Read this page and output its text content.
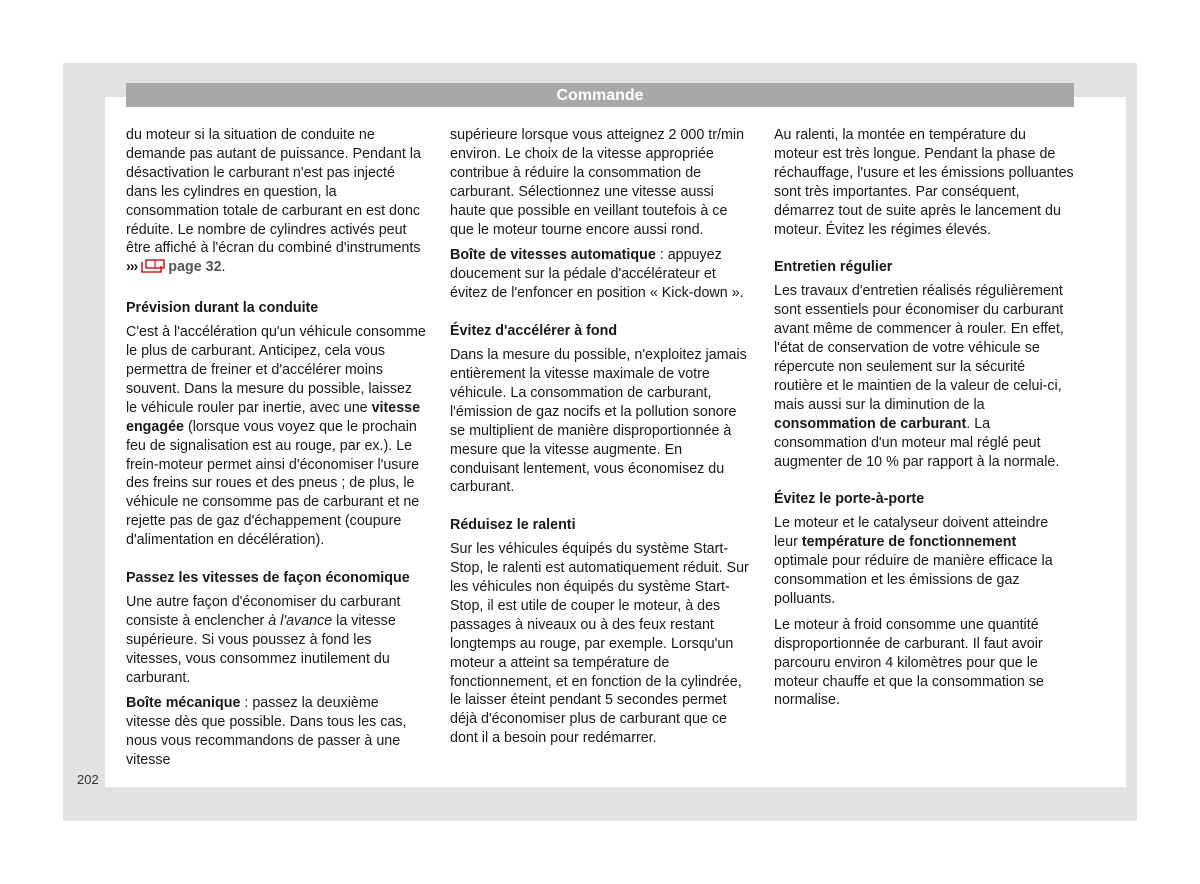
Commande

du moteur si la situation de conduite ne demande pas autant de puissance. Pendant la désactivation le carburant n'est pas injecté dans les cylindres en question, la consommation totale de carburant en est donc réduite. Le nombre de cylindres activés peut être affiché à l'écran du combiné d'instruments ››› page 32.

Prévision durant la conduite

C'est à l'accélération qu'un véhicule consomme le plus de carburant. Anticipez, cela vous permettra de freiner et d'accélérer moins souvent. Dans la mesure du possible, laissez le véhicule rouler par inertie, avec une vitesse engagée (lorsque vous voyez que le prochain feu de signalisation est au rouge, par ex.). Le frein-moteur permet ainsi d'économiser l'usure des freins sur roues et des pneus ; de plus, le véhicule ne consomme pas de carburant et ne rejette pas de gaz d'échappement (coupure d'alimentation en décélération).

Passez les vitesses de façon économique

Une autre façon d'économiser du carburant consiste à enclencher à l'avance la vitesse supérieure. Si vous poussez à fond les vitesses, vous consommez inutilement du carburant.

Boîte mécanique : passez la deuxième vitesse dès que possible. Dans tous les cas, nous vous recommandons de passer à une vitesse

supérieure lorsque vous atteignez 2 000 tr/min environ. Le choix de la vitesse appropriée contribue à réduire la consommation de carburant. Sélectionnez une vitesse aussi haute que possible en veillant toutefois à ce que le moteur tourne encore aussi rond.

Boîte de vitesses automatique : appuyez doucement sur la pédale d'accélérateur et évitez de l'enfoncer en position « Kick-down ».

Évitez d'accélérer à fond

Dans la mesure du possible, n'exploitez jamais entièrement la vitesse maximale de votre véhicule. La consommation de carburant, l'émission de gaz nocifs et la pollution sonore se multiplient de manière disproportionnée à mesure que la vitesse augmente. En conduisant lentement, vous économisez du carburant.

Réduisez le ralenti

Sur les véhicules équipés du système Start-Stop, le ralenti est automatiquement réduit. Sur les véhicules non équipés du système Start-Stop, il est utile de couper le moteur, à des passages à niveaux ou à des feux restant longtemps au rouge, par exemple. Lorsqu'un moteur a atteint sa température de fonctionnement, et en fonction de la cylindrée, le laisser éteint pendant 5 secondes permet déjà d'économiser plus de carburant que ce dont il a besoin pour redémarrer.

Au ralenti, la montée en température du moteur est très longue. Pendant la phase de réchauffage, l'usure et les émissions polluantes sont très importantes. Par conséquent, démarrez tout de suite après le lancement du moteur. Évitez les régimes élevés.

Entretien régulier

Les travaux d'entretien réalisés régulièrement sont essentiels pour économiser du carburant avant même de commencer à rouler. En effet, l'état de conservation de votre véhicule se répercute non seulement sur la sécurité routière et le maintien de la valeur de celui-ci, mais aussi sur la diminution de la consommation de carburant. La consommation d'un moteur mal réglé peut augmenter de 10 % par rapport à la normale.

Évitez le porte-à-porte

Le moteur et le catalyseur doivent atteindre leur température de fonctionnement optimale pour réduire de manière efficace la consommation et les émissions de gaz polluants.

Le moteur à froid consomme une quantité disproportionnée de carburant. Il faut avoir parcouru environ 4 kilomètres pour que le moteur chauffe et que la consommation se normalise.

202
